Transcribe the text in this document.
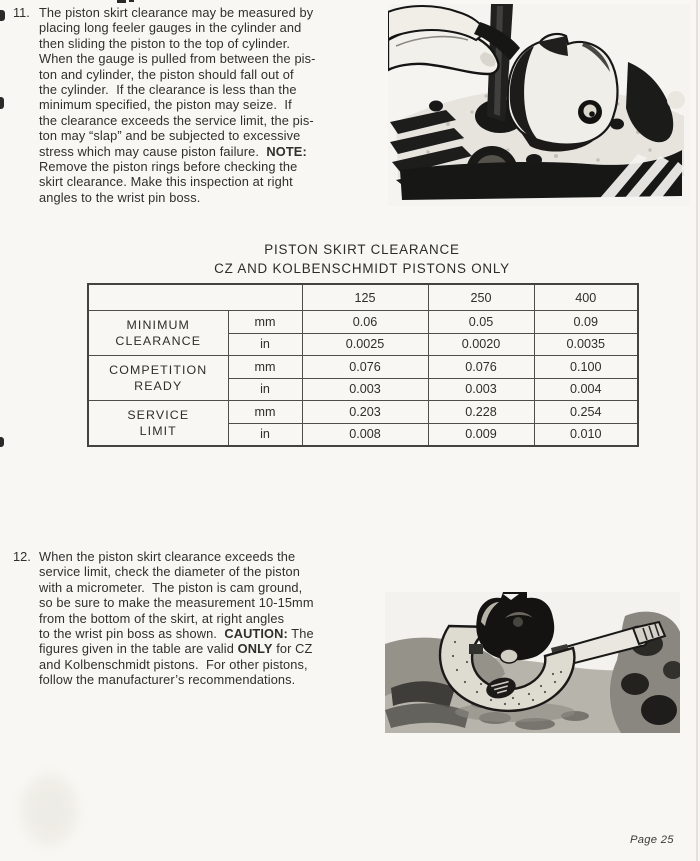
11. The piston skirt clearance may be measured by
placing long feeler gauges in the cylinder and
then sliding the piston to the top of cylinder.
When the gauge is pulled from between the pis-
ton and cylinder, the piston should fall out of
the cylinder.  If the clearance is less than the
minimum specified, the piston may seize.  If
the clearance exceeds the service limit, the pis-
ton may “slap” and be subjected to excessive
stress which may cause piston failure.  NOTE:
Remove the piston rings before checking the
skirt clearance. Make this inspection at right
angles to the wrist pin boss.
PISTON SKIRT CLEARANCE
CZ AND KOLBENSCHMIDT PISTONS ONLY
		125	250	400

MINIMUM
CLEARANCE	mm	0.06	0.05	0.09
	in	0.0025	0.0020	0.0035

COMPETITION
READY	mm	0.076	0.076	0.100
	in	0.003	0.003	0.004

SERVICE
LIMIT	mm	0.203	0.228	0.254
	in	0.008	0.009	0.010
12. When the piston skirt clearance exceeds the
service limit, check the diameter of the piston
with a micrometer.  The piston is cam ground,
so be sure to make the measurement 10-15mm
from the bottom of the skirt, at right angles
to the wrist pin boss as shown.  CAUTION: The
figures given in the table are valid ONLY for CZ
and Kolbenschmidt pistons.  For other pistons,
follow the manufacturer’s recommendations.
Page 25
